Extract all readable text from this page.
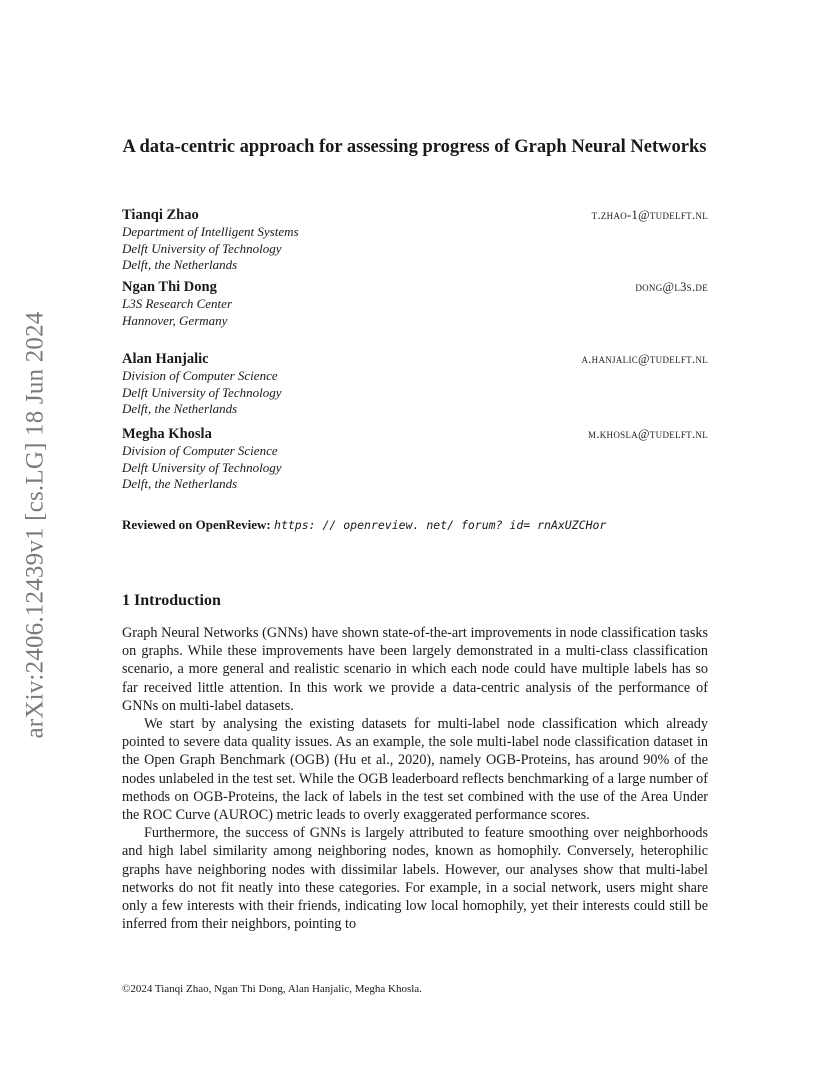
arXiv:2406.12439v1 [cs.LG] 18 Jun 2024
A data-centric approach for assessing progress of Graph Neural Networks
Tianqi Zhao	t.zhao-1@tudelft.nl
Department of Intelligent Systems
Delft University of Technology
Delft, the Netherlands
Ngan Thi Dong	dong@l3s.de
L3S Research Center
Hannover, Germany
Alan Hanjalic	a.hanjalic@tudelft.nl
Division of Computer Science
Delft University of Technology
Delft, the Netherlands
Megha Khosla	m.khosla@tudelft.nl
Division of Computer Science
Delft University of Technology
Delft, the Netherlands
Reviewed on OpenReview: https: // openreview. net/ forum? id= rnAxUZCHor
1 Introduction

Graph Neural Networks (GNNs) have shown state-of-the-art improvements in node classification tasks on graphs. While these improvements have been largely demonstrated in a multi-class classification scenario, a more general and realistic scenario in which each node could have multiple labels has so far received little attention. In this work we provide a data-centric analysis of the performance of GNNs on multi-label datasets.

We start by analysing the existing datasets for multi-label node classification which already pointed to severe data quality issues. As an example, the sole multi-label node classification dataset in the Open Graph Benchmark (OGB) (Hu et al., 2020), namely OGB-Proteins, has around 90% of the nodes unlabeled in the test set. While the OGB leaderboard reflects benchmarking of a large number of methods on OGB-Proteins, the lack of labels in the test set combined with the use of the Area Under the ROC Curve (AUROC) metric leads to overly exaggerated performance scores.

Furthermore, the success of GNNs is largely attributed to feature smoothing over neighborhoods and high label similarity among neighboring nodes, known as homophily. Conversely, heterophilic graphs have neighboring nodes with dissimilar labels. However, our analyses show that multi-label networks do not fit neatly into these categories. For example, in a social network, users might share only a few interests with their friends, indicating low local homophily, yet their interests could still be inferred from their neighbors, pointing to

©2024 Tianqi Zhao, Ngan Thi Dong, Alan Hanjalic, Megha Khosla.
